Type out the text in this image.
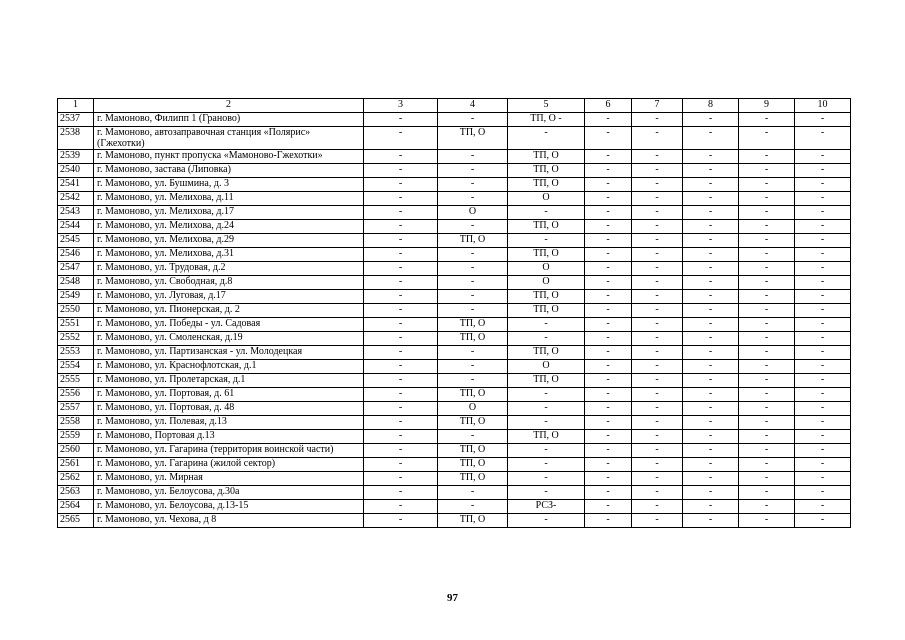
1	2	3	4	5	6	7	8	9	10
2537	г. Мамоново, Филипп 1 (Граново)	-	-	ТП, О -	-	-	-	-	-
2538	г. Мамоново, автозаправочная станция «Полярис» (Гжехотки)	-	ТП, О	-	-	-	-	-	-
2539	г. Мамоново, пункт пропуска «Мамоново-Гжехотки»	-	-	ТП, О	-	-	-	-	-
2540	г. Мамоново, застава (Липовка)	-	-	ТП, О	-	-	-	-	-
2541	г. Мамоново, ул. Бушмина, д. 3	-	-	ТП, О	-	-	-	-	-
2542	г. Мамоново, ул. Мелихова, д.11	-	-	О	-	-	-	-	-
2543	г. Мамоново, ул. Мелихова, д.17	-	О	-	-	-	-	-	-
2544	г. Мамоново, ул. Мелихова, д.24	-	-	ТП, О	-	-	-	-	-
2545	г. Мамоново, ул. Мелихова, д.29	-	ТП, О	-	-	-	-	-	-
2546	г. Мамоново, ул. Мелихова, д.31	-	-	ТП, О	-	-	-	-	-
2547	г. Мамоново, ул. Трудовая, д.2	-	-	О	-	-	-	-	-
2548	г. Мамоново, ул. Свободная, д.8	-	-	О	-	-	-	-	-
2549	г. Мамоново, ул. Луговая, д.17	-	-	ТП, О	-	-	-	-	-
2550	г. Мамоново, ул. Пионерская, д. 2	-	-	ТП, О	-	-	-	-	-
2551	г. Мамоново, ул. Победы - ул. Садовая	-	ТП, О	-	-	-	-	-	-
2552	г. Мамоново, ул. Смоленская, д.19	-	ТП, О	-	-	-	-	-	-
2553	г. Мамоново, ул. Партизанская - ул. Молодецкая	-	-	ТП, О	-	-	-	-	-
2554	г. Мамоново, ул. Краснофлотская, д.1	-	-	О	-	-	-	-	-
2555	г. Мамоново, ул. Пролетарская, д.1	-	-	ТП, О	-	-	-	-	-
2556	г. Мамоново, ул. Портовая, д. 61	-	ТП, О	-	-	-	-	-	-
2557	г. Мамоново, ул. Портовая, д. 48	-	О	-	-	-	-	-	-
2558	г. Мамоново, ул. Полевая, д.13	-	ТП, О	-	-	-	-	-	-
2559	г. Мамоново, Портовая д.13	-	-	ТП, О	-	-	-	-	-
2560	г. Мамоново, ул. Гагарина (территория воинской части)	-	ТП, О	-	-	-	-	-	-
2561	г. Мамоново, ул. Гагарина (жилой сектор)	-	ТП, О	-	-	-	-	-	-
2562	г. Мамоново, ул. Мирная	-	ТП, О	-	-	-	-	-	-
2563	г. Мамоново, ул. Белоусова, д.30а	-	-	-	-	-	-	-	-
2564	г. Мамоново, ул. Белоусова, д.13-15	-	-	РСЗ-	-	-	-	-	-
2565	г. Мамоново, ул. Чехова, д 8	-	ТП, О	-	-	-	-	-	-
97
